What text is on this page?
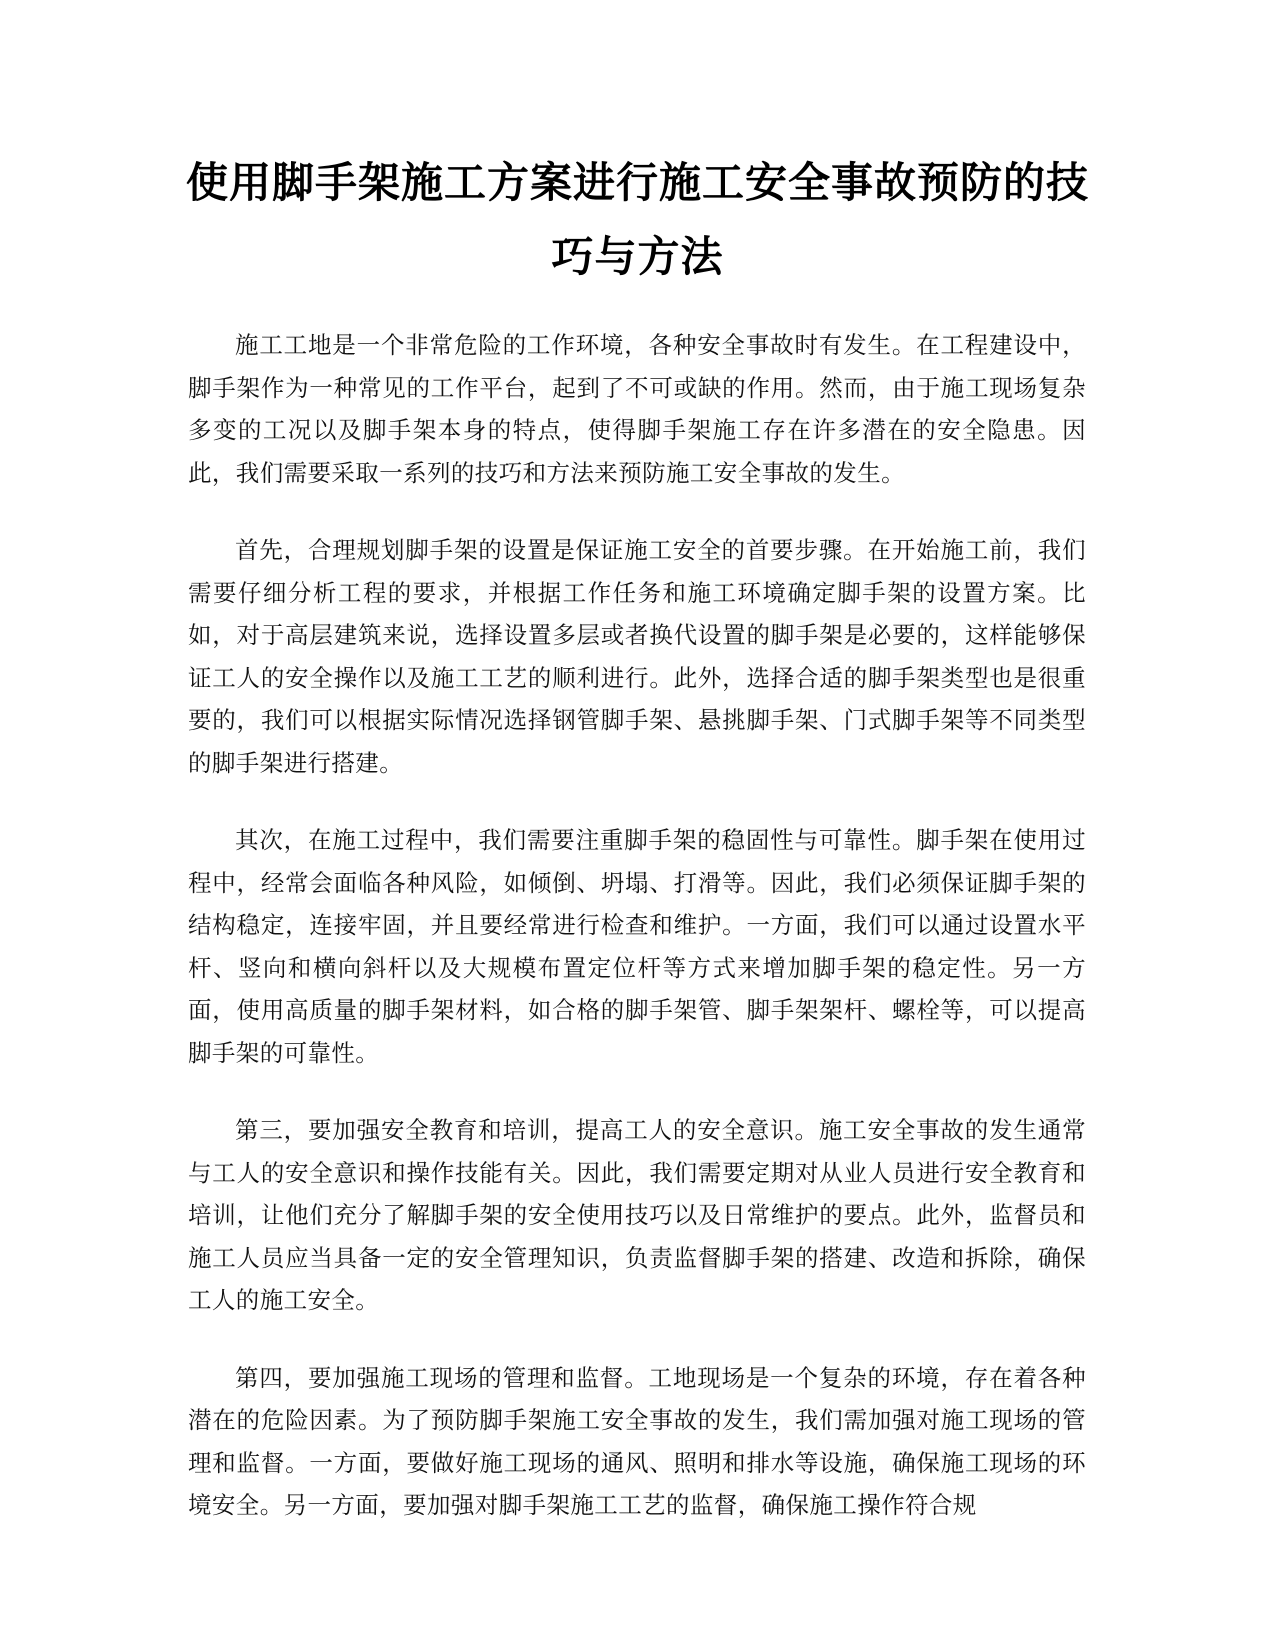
使用脚手架施工方案进行施工安全事故预防的技巧与方法

施工工地是一个非常危险的工作环境，各种安全事故时有发生。在工程建设中，脚手架作为一种常见的工作平台，起到了不可或缺的作用。然而，由于施工现场复杂多变的工况以及脚手架本身的特点，使得脚手架施工存在许多潜在的安全隐患。因此，我们需要采取一系列的技巧和方法来预防施工安全事故的发生。

首先，合理规划脚手架的设置是保证施工安全的首要步骤。在开始施工前，我们需要仔细分析工程的要求，并根据工作任务和施工环境确定脚手架的设置方案。比如，对于高层建筑来说，选择设置多层或者换代设置的脚手架是必要的，这样能够保证工人的安全操作以及施工工艺的顺利进行。此外，选择合适的脚手架类型也是很重要的，我们可以根据实际情况选择钢管脚手架、悬挑脚手架、门式脚手架等不同类型的脚手架进行搭建。

其次，在施工过程中，我们需要注重脚手架的稳固性与可靠性。脚手架在使用过程中，经常会面临各种风险，如倾倒、坍塌、打滑等。因此，我们必须保证脚手架的结构稳定，连接牢固，并且要经常进行检查和维护。一方面，我们可以通过设置水平杆、竖向和横向斜杆以及大规模布置定位杆等方式来增加脚手架的稳定性。另一方面，使用高质量的脚手架材料，如合格的脚手架管、脚手架架杆、螺栓等，可以提高脚手架的可靠性。

第三，要加强安全教育和培训，提高工人的安全意识。施工安全事故的发生通常与工人的安全意识和操作技能有关。因此，我们需要定期对从业人员进行安全教育和培训，让他们充分了解脚手架的安全使用技巧以及日常维护的要点。此外，监督员和施工人员应当具备一定的安全管理知识，负责监督脚手架的搭建、改造和拆除，确保工人的施工安全。

第四，要加强施工现场的管理和监督。工地现场是一个复杂的环境，存在着各种潜在的危险因素。为了预防脚手架施工安全事故的发生，我们需加强对施工现场的管理和监督。一方面，要做好施工现场的通风、照明和排水等设施，确保施工现场的环境安全。另一方面，要加强对脚手架施工工艺的监督，确保施工操作符合规
